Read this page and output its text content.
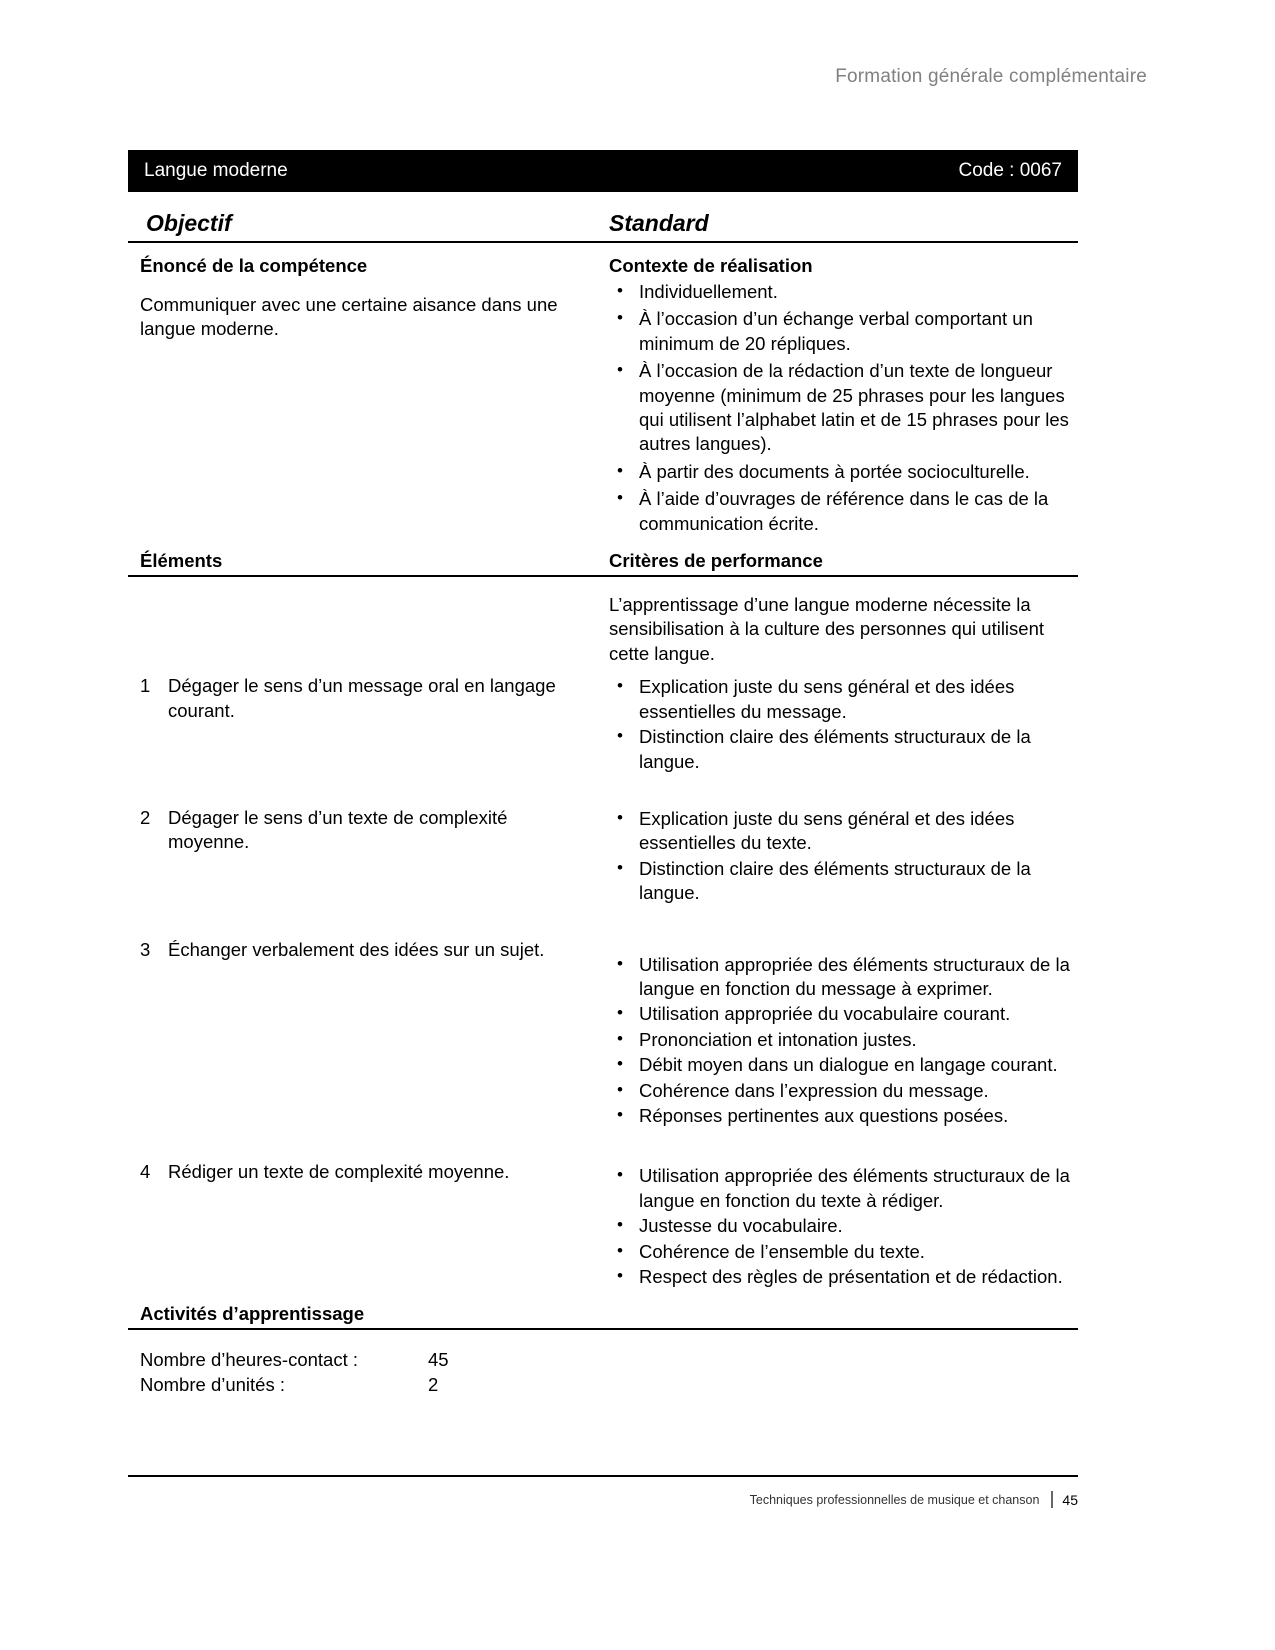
Formation générale complémentaire
Langue moderne	Code : 0067
Objectif	Standard
Énoncé de la compétence
Communiquer avec une certaine aisance dans une langue moderne.
Contexte de réalisation
• Individuellement.
• À l’occasion d’un échange verbal comportant un minimum de 20 répliques.
• À l’occasion de la rédaction d’un texte de longueur moyenne (minimum de 25 phrases pour les langues qui utilisent l’alphabet latin et de 15 phrases pour les autres langues).
• À partir des documents à portée socioculturelle.
• À l’aide d’ouvrages de référence dans le cas de la communication écrite.
Éléments	Critères de performance
L’apprentissage d’une langue moderne nécessite la sensibilisation à la culture des personnes qui utilisent cette langue.
1 Dégager le sens d’un message oral en langage courant.
• Explication juste du sens général et des idées essentielles du message.
• Distinction claire des éléments structuraux de la langue.
2 Dégager le sens d’un texte de complexité moyenne.
• Explication juste du sens général et des idées essentielles du texte.
• Distinction claire des éléments structuraux de la langue.
3 Échanger verbalement des idées sur un sujet.
• Utilisation appropriée des éléments structuraux de la langue en fonction du message à exprimer.
• Utilisation appropriée du vocabulaire courant.
• Prononciation et intonation justes.
• Débit moyen dans un dialogue en langage courant.
• Cohérence dans l’expression du message.
• Réponses pertinentes aux questions posées.
4 Rédiger un texte de complexité moyenne.	• Utilisation appropriée des éléments structuraux de la langue en fonction du texte à rédiger.
• Justesse du vocabulaire.
• Cohérence de l’ensemble du texte.
• Respect des règles de présentation et de rédaction.
Activités d’apprentissage
Nombre d’heures-contact :	45
Nombre d’unités :	2
Techniques professionnelles de musique et chanson 45
